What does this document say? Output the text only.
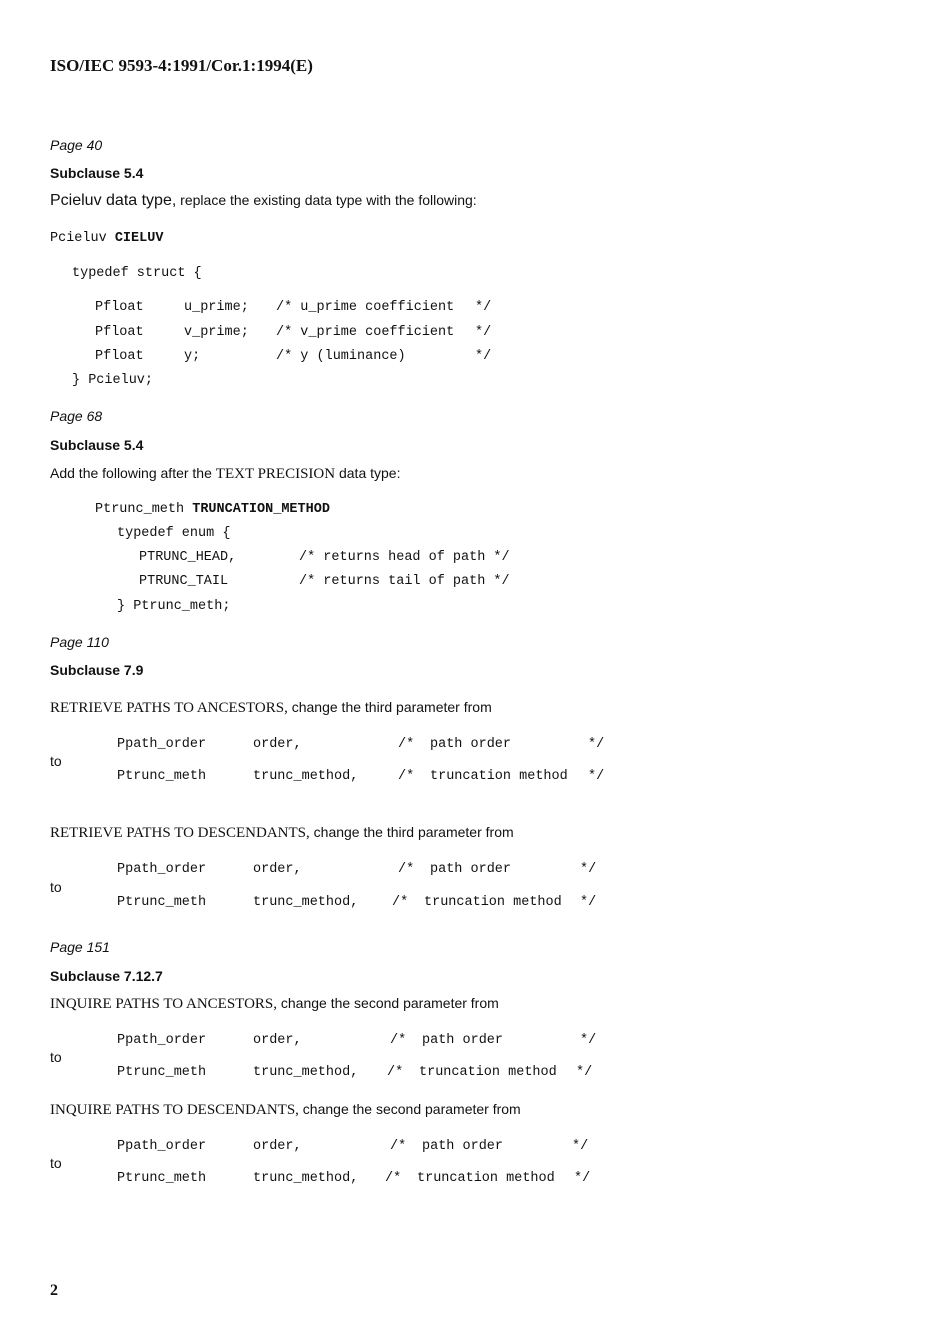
ISO/IEC 9593-4:1991/Cor.1:1994(E)
Page 40
Subclause 5.4
Pcieluv data type, replace the existing data type with the following:
Pcieluv CIELUV
typedef struct {
Pfloat	u_prime; /* u_prime coefficient */
Pfloat	v_prime; /* v_prime coefficient */
Pfloat	y;	/* y (luminance)	*/
} Pcieluv;
Page 68
Subclause 5.4
Add the following after the TEXT PRECISION data type:
Ptrunc_meth TRUNCATION_METHOD
typedef enum {
PTRUNC_HEAD,	/* returns head of path */
PTRUNC_TAIL	/* returns tail of path */
} Ptrunc_meth;
Page 110
Subclause 7.9
RETRIEVE PATHS TO ANCESTORS, change the third parameter from
Ppath_order	order,	/* path order	*/
to
Ptrunc_meth	trunc_method,	/* truncation method */
RETRIEVE PATHS TO DESCENDANTS, change the third parameter from
Ppath_order	order,	/* path order	*/
to
Ptrunc_meth	trunc_method, /* truncation method */
Page 151
Subclause 7.12.7
INQUIRE PATHS TO ANCESTORS, change the second parameter from
Ppath_order	order,	/* path order	*/
to
Ptrunc_meth	trunc_method, /* truncation method */
INQUIRE PATHS TO DESCENDANTS, change the second parameter from
Ppath_order	order,	/* path order	*/
to
Ptrunc_meth	trunc_method, /* truncation method */
2
